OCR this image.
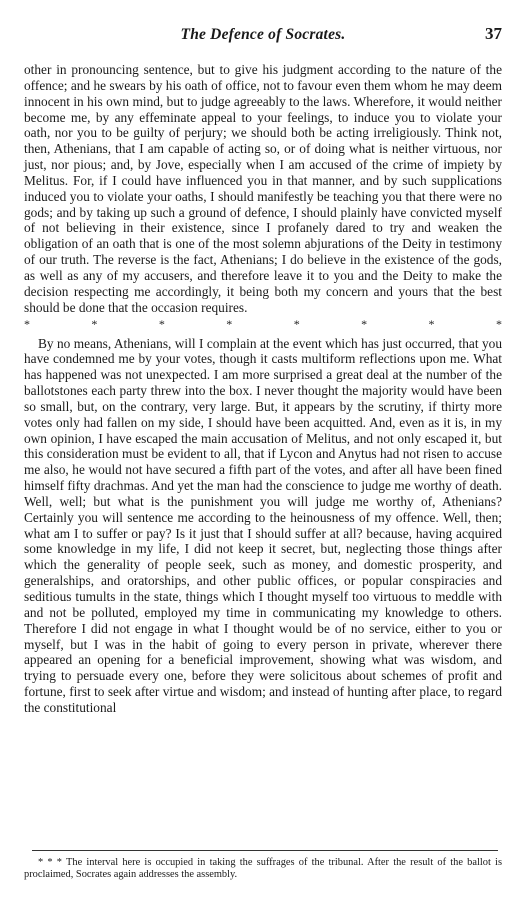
The Defence of Socrates.	37

other in pronouncing sentence, but to give his judgment according to the nature of the offence; and he swears by his oath of office, not to favour even them whom he may deem innocent in his own mind, but to judge agreeably to the laws. Wherefore, it would neither become me, by any effeminate appeal to your feelings, to induce you to violate your oath, nor you to be guilty of perjury; we should both be acting irreligiously. Think not, then, Athenians, that I am capable of acting so, or of doing what is neither virtuous, nor just, nor pious; and, by Jove, especially when I am accused of the crime of impiety by Melitus. For, if I could have influenced you in that manner, and by such supplications induced you to violate your oaths, I should manifestly be teaching you that there were no gods; and by taking up such a ground of defence, I should plainly have convicted myself of not believing in their existence, since I profanely dared to try and weaken the obligation of an oath that is one of the most solemn abjurations of the Deity in testimony of our truth. The reverse is the fact, Athenians; I do believe in the existence of the gods, as well as any of my accusers, and therefore leave it to you and the Deity to make the decision respecting me accordingly, it being both my concern and yours that the best should be done that the occasion requires.

*	*	*	*	*	*	*	*

By no means, Athenians, will I complain at the event which has just occurred, that you have condemned me by your votes, though it casts multiform reflections upon me. What has happened was not unexpected. I am more surprised a great deal at the number of the ballotstones each party threw into the box. I never thought the majority would have been so small, but, on the contrary, very large. But, it appears by the scrutiny, if thirty more votes only had fallen on my side, I should have been acquitted. And, even as it is, in my own opinion, I have escaped the main accusation of Melitus, and not only escaped it, but this consideration must be evident to all, that if Lycon and Anytus had not risen to accuse me also, he would not have secured a fifth part of the votes, and after all have been fined himself fifty drachmas. And yet the man had the conscience to judge me worthy of death. Well, well; but what is the punishment you will judge me worthy of, Athenians? Certainly you will sentence me according to the heinousness of my offence. Well, then; what am I to suffer or pay? Is it just that I should suffer at all? because, having acquired some knowledge in my life, I did not keep it secret, but, neglecting those things after which the generality of people seek, such as money, and domestic prosperity, and generalships, and oratorships, and other public offices, or popular conspiracies and seditious tumults in the state, things which I thought myself too virtuous to meddle with and not be polluted, employed my time in communicating my knowledge to others. Therefore I did not engage in what I thought would be of no service, either to you or myself, but I was in the habit of going to every person in private, wherever there appeared an opening for a beneficial improvement, showing what was wisdom, and trying to persuade every one, before they were solicitous about schemes of profit and fortune, first to seek after virtue and wisdom; and instead of hunting after place, to regard the constitutional

* * * The interval here is occupied in taking the suffrages of the tribunal. After the result of the ballot is proclaimed, Socrates again addresses the assembly.
